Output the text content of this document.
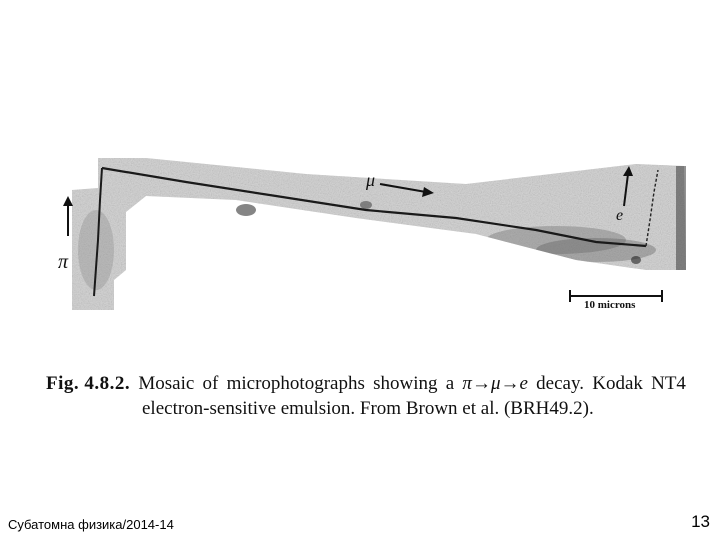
π
μ
e
10 microns
Fig. 4.8.2. Mosaic of microphotographs showing a π→μ→e decay. Kodak NT4
electron-sensitive emulsion. From Brown et al. (BRH49.2).
Субатомна физика/2014-14	13
